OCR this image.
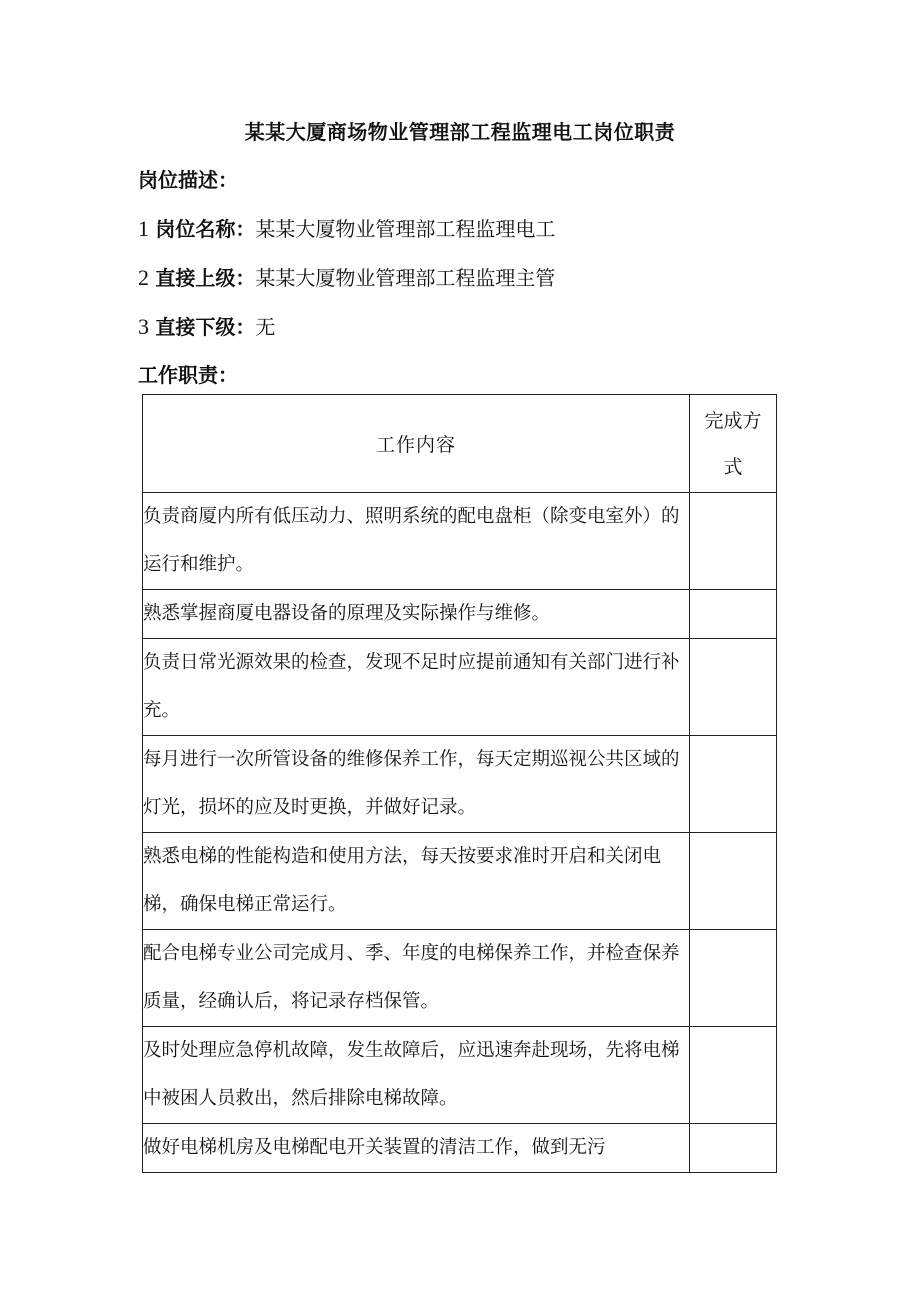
某某大厦商场物业管理部工程监理电工岗位职责
岗位描述：
1 岗位名称：某某大厦物业管理部工程监理电工
2 直接上级：某某大厦物业管理部工程监理主管
3 直接下级：无
工作职责：
工作内容	完成方
式

负责商厦内所有低压动力、照明系统的配电盘柜（除变电室外）的运行和维护。	
熟悉掌握商厦电器设备的原理及实际操作与维修。	
负责日常光源效果的检查，发现不足时应提前通知有关部门进行补充。	
每月进行一次所管设备的维修保养工作，每天定期巡视公共区域的灯光，损坏的应及时更换，并做好记录。	
熟悉电梯的性能构造和使用方法，每天按要求准时开启和关闭电梯，确保电梯正常运行。	
配合电梯专业公司完成月、季、年度的电梯保养工作，并检查保养质量，经确认后，将记录存档保管。	
及时处理应急停机故障，发生故障后，应迅速奔赴现场，先将电梯中被困人员救出，然后排除电梯故障。	
做好电梯机房及电梯配电开关装置的清洁工作，做到无污	
